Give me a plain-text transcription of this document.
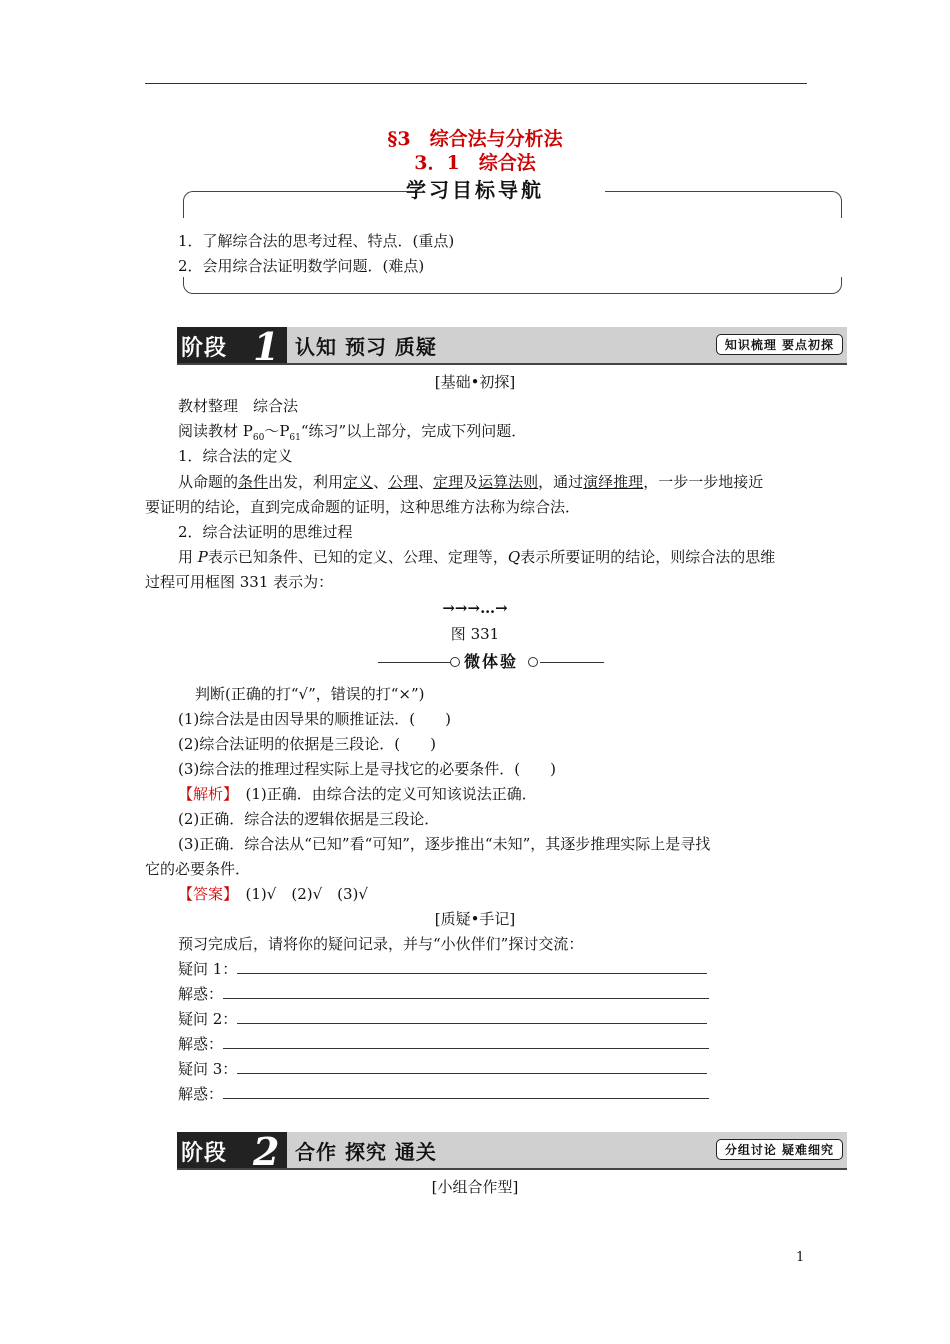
§3　综合法与分析法
3．1　综合法
学习目标导航
1．了解综合法的思考过程、特点．(重点)
2．会用综合法证明数学问题．(难点)
阶段 1 认知 预习 质疑	知识梳理 要点初探
[基础•初探]
教材整理　综合法
阅读教材 $P_{60}\sim P_{61}“$练习”以上部分，完成下列问题．
1．综合法的定义
从命题的条件出发，利用定义、公理、定理及运算法则，通过演绎推理，一步一步地接近
要证明的结论，直到完成命题的证明，这种思维方法称为综合法．
2．综合法证明的思维过程
用 P表示已知条件、已知的定义、公理、定理等，Q表示所要证明的结论，则综合法的思维
过程可用框图 331 表示为：
→→→…→
图 331
微体验
判断(正确的打“√”，错误的打“×”)
(1)综合法是由因导果的顺推证法．(　　)
(2)综合法证明的依据是三段论．(　　)
(3)综合法的推理过程实际上是寻找它的必要条件．(　　)
【解析】　 (1)正确．由综合法的定义可知该说法正确．
(2)正确．综合法的逻辑依据是三段论．
(3)正确．综合法从“已知”看“可知”，逐步推出“未知”，其逐步推理实际上是寻找
它的必要条件．
【答案】　 (1)√　(2)√　(3)√
[质疑•手记]
预习完成后，请将你的疑问记录，并与“小伙伴们”探讨交流：
疑问 1：
解惑：
疑问 2：
解惑：
疑问 3：
解惑：
阶段 2 合作 探究 通关	分组讨论 疑难细究
[小组合作型]
1
